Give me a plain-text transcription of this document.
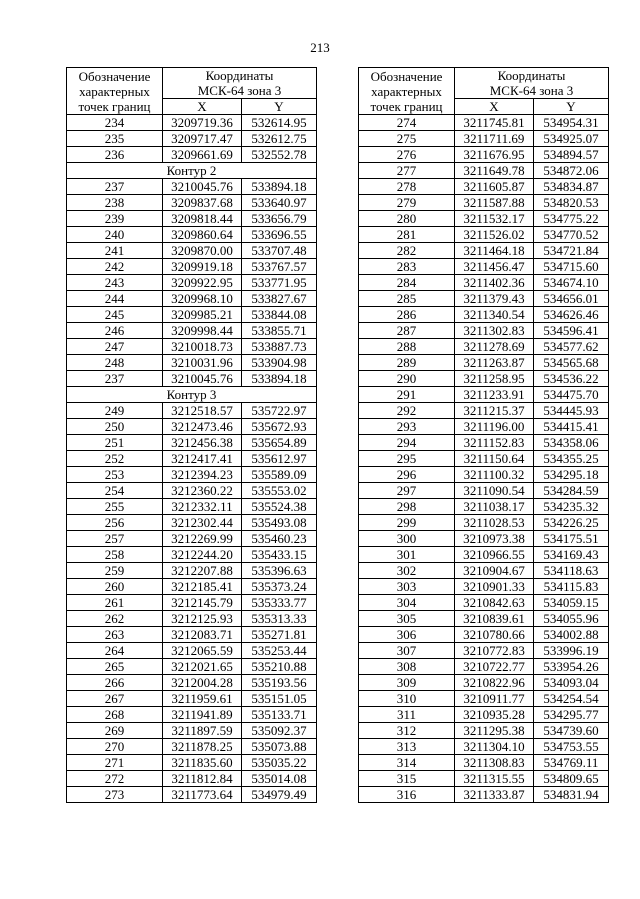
213
Обозначение
характерных
точек границ	Координаты
МСК-64 зона 3	

	X	Y
234	3209719.36	532614.95
235	3209717.47	532612.75
236	3209661.69	532552.78
Контур 2		
237	3210045.76	533894.18
238	3209837.68	533640.97
239	3209818.44	533656.79
240	3209860.64	533696.55
241	3209870.00	533707.48
242	3209919.18	533767.57
243	3209922.95	533771.95
244	3209968.10	533827.67
245	3209985.21	533844.08
246	3209998.44	533855.71
247	3210018.73	533887.73
248	3210031.96	533904.98
237	3210045.76	533894.18
Контур 3		
249	3212518.57	535722.97
250	3212473.46	535672.93
251	3212456.38	535654.89
252	3212417.41	535612.97
253	3212394.23	535589.09
254	3212360.22	535553.02
255	3212332.11	535524.38
256	3212302.44	535493.08
257	3212269.99	535460.23
258	3212244.20	535433.15
259	3212207.88	535396.63
260	3212185.41	535373.24
261	3212145.79	535333.77
262	3212125.93	535313.33
263	3212083.71	535271.81
264	3212065.59	535253.44
265	3212021.65	535210.88
266	3212004.28	535193.56
267	3211959.61	535151.05
268	3211941.89	535133.71
269	3211897.59	535092.37
270	3211878.25	535073.88
271	3211835.60	535035.22
272	3211812.84	535014.08
273	3211773.64	534979.49
Обозначение
характерных
точек границ	Координаты
МСК-64 зона 3	

	X	Y
274	3211745.81	534954.31
275	3211711.69	534925.07
276	3211676.95	534894.57
277	3211649.78	534872.06
278	3211605.87	534834.87
279	3211587.88	534820.53
280	3211532.17	534775.22
281	3211526.02	534770.52
282	3211464.18	534721.84
283	3211456.47	534715.60
284	3211402.36	534674.10
285	3211379.43	534656.01
286	3211340.54	534626.46
287	3211302.83	534596.41
288	3211278.69	534577.62
289	3211263.87	534565.68
290	3211258.95	534536.22
291	3211233.91	534475.70
292	3211215.37	534445.93
293	3211196.00	534415.41
294	3211152.83	534358.06
295	3211150.64	534355.25
296	3211100.32	534295.18
297	3211090.54	534284.59
298	3211038.17	534235.32
299	3211028.53	534226.25
300	3210973.38	534175.51
301	3210966.55	534169.43
302	3210904.67	534118.63
303	3210901.33	534115.83
304	3210842.63	534059.15
305	3210839.61	534055.96
306	3210780.66	534002.88
307	3210772.83	533996.19
308	3210722.77	533954.26
309	3210822.96	534093.04
310	3210911.77	534254.54
311	3210935.28	534295.77
312	3211295.38	534739.60
313	3211304.10	534753.55
314	3211308.83	534769.11
315	3211315.55	534809.65
316	3211333.87	534831.94
